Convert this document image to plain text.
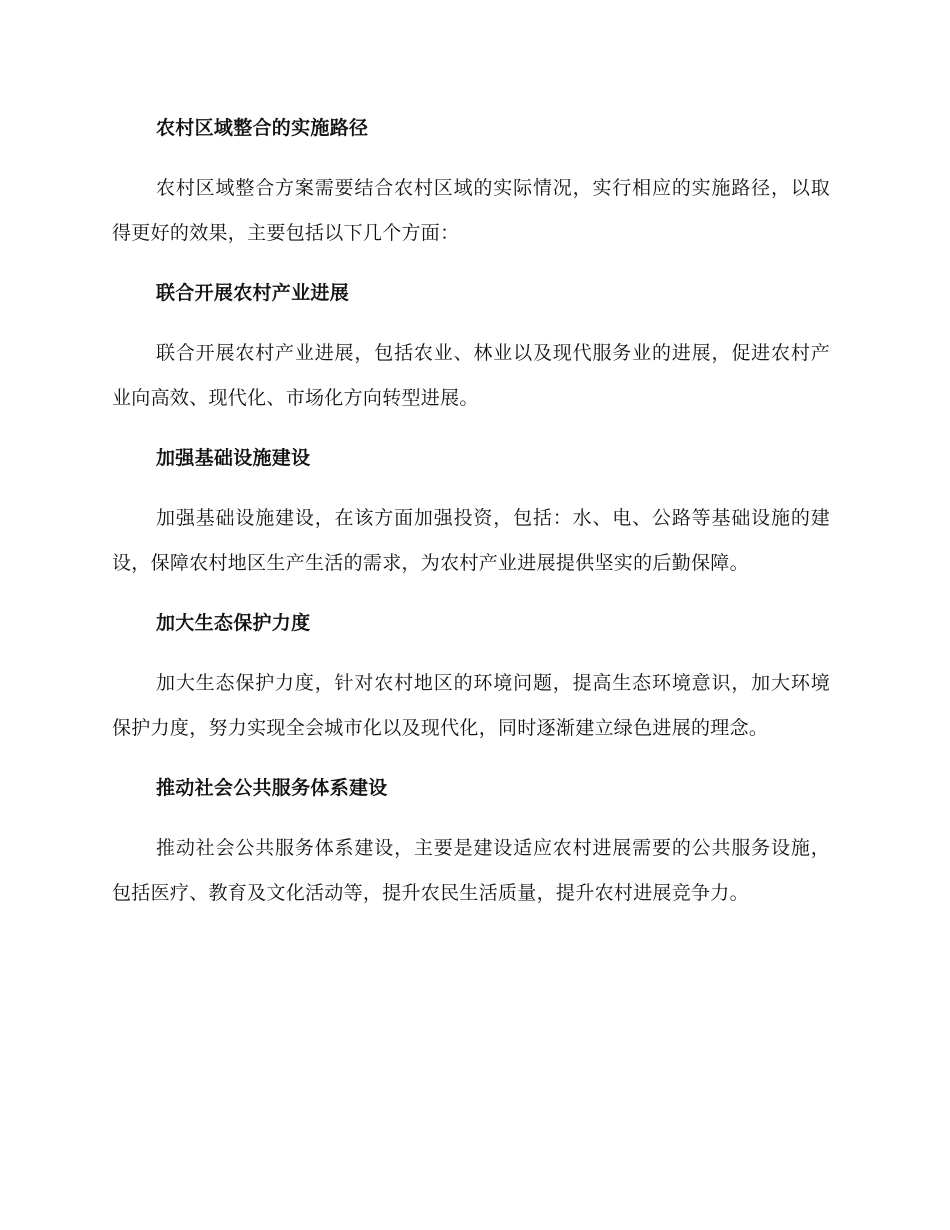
农村区域整合的实施路径

农村区域整合方案需要结合农村区域的实际情况，实行相应的实施路径，以取得更好的效果，主要包括以下几个方面：

联合开展农村产业进展

联合开展农村产业进展，包括农业、林业以及现代服务业的进展，促进农村产业向高效、现代化、市场化方向转型进展。

加强基础设施建设

加强基础设施建设，在该方面加强投资，包括：水、电、公路等基础设施的建设，保障农村地区生产生活的需求，为农村产业进展提供坚实的后勤保障。

加大生态保护力度

加大生态保护力度，针对农村地区的环境问题，提高生态环境意识，加大环境保护力度，努力实现全会城市化以及现代化，同时逐渐建立绿色进展的理念。

推动社会公共服务体系建设

推动社会公共服务体系建设，主要是建设适应农村进展需要的公共服务设施，包括医疗、教育及文化活动等，提升农民生活质量，提升农村进展竞争力。
